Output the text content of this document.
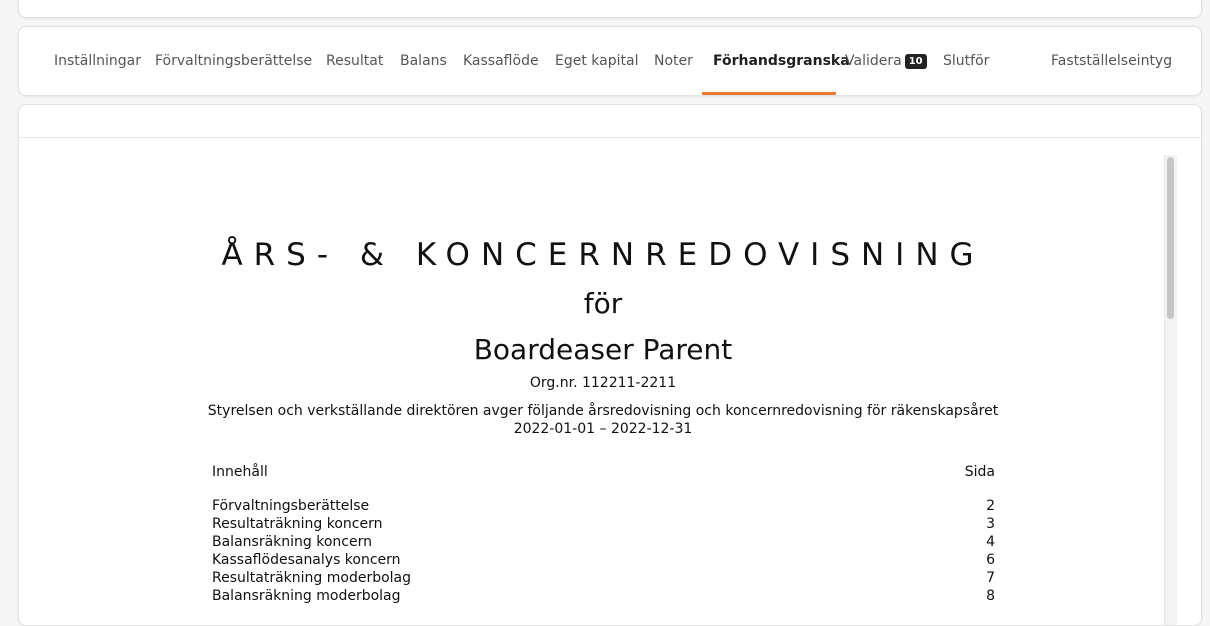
Inställningar Förvaltningsberättelse Resultat Balans Kassaflöde Eget kapital Noter Förhandsgranska
Validera 10 Slutför	Fastställelseintyg
ÅRS- & KONCERNREDOVISNING
för
Boardeaser Parent
Org.nr. 112211-2211
Styrelsen och verkställande direktören avger följande årsredovisning och koncernredovisning för räkenskapsåret
2022-01-01 – 2022-12-31
Innehåll	Sida
Förvaltningsberättelse	2
Resultaträkning koncern	3
Balansräkning koncern	4
Kassaflödesanalys koncern	6
Resultaträkning moderbolag	7
Balansräkning moderbolag	8
